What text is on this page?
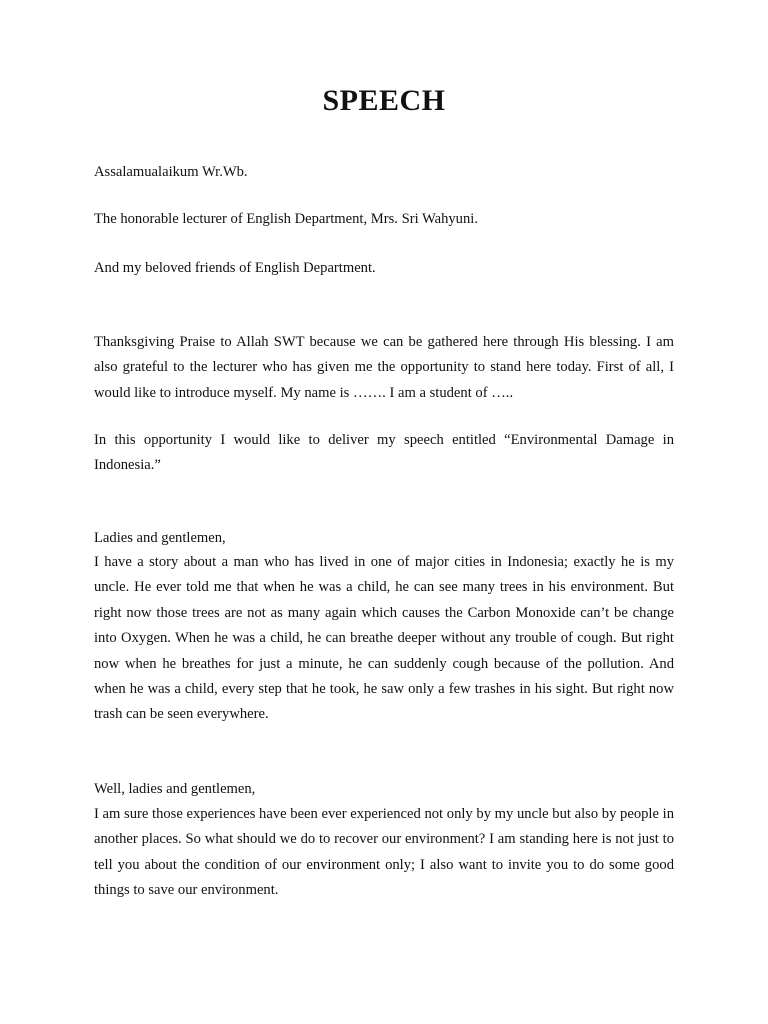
SPEECH

Assalamualaikum Wr.Wb.

The honorable lecturer of English Department, Mrs. Sri Wahyuni.

And my beloved friends of English Department.

Thanksgiving Praise to Allah SWT because we can be gathered here through His blessing. I am also grateful to the lecturer who has given me the opportunity to stand here today. First of all, I would like to introduce myself. My name is ……. I am a student of …..

In this opportunity I would like to deliver my speech entitled “Environmental Damage in Indonesia.”

Ladies and gentlemen,

I have a story about a man who has lived in one of major cities in Indonesia; exactly he is my uncle. He ever told me that when he was a child, he can see many trees in his environment. But right now those trees are not as many again which causes the Carbon Monoxide can’t be change into Oxygen. When he was a child, he can breathe deeper without any trouble of cough. But right now when he breathes for just a minute, he can suddenly cough because of the pollution. And when he was a child, every step that he took, he saw only a few trashes in his sight. But right now trash can be seen everywhere.

Well, ladies and gentlemen,

I am sure those experiences have been ever experienced not only by my uncle but also by people in another places. So what should we do to recover our environment? I am standing here is not just to tell you about the condition of our environment only; I also want to invite you to do some good things to save our environment.
